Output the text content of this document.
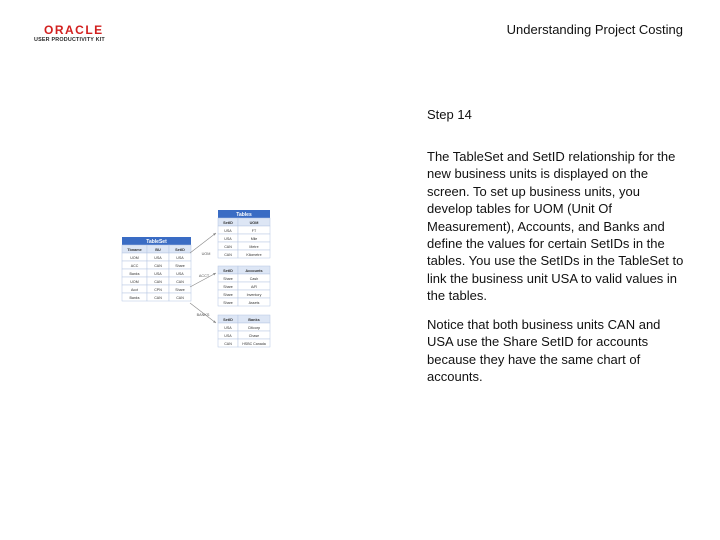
ORACLE
USER PRODUCTIVITY KIT
Understanding Project Costing
Step 14

The TableSet and SetID relationship for the new business units is displayed on the screen. To set up business units, you develop tables for UOM (Unit Of Measurement), Accounts, and Banks and define the values for certain SetIDs in the tables. You use the SetIDs in the TableSet to link the business unit USA to valid values in the tables.

Notice that both business units CAN and USA use the Share SetID for accounts because they have the same chart of accounts.

Tables
SetID	UOM
USA	FT
USA	Mile
CAN	Metre
CAN	Kilometre
SetID	Accounts
Share	Cash
Share	A/R
Share	Inventory
Share	Assets
SetID	Banks
USA	Citicorp
USA	Chase
CAN	HSBC Canada
TableSet
Tbname	BU	SetID
UOM	USA	USA
ACC	CAN	Share
Banks	USA	USA
UOM	CAN	CAN
Acct	CPN	Share
Banks	CAN	CAN
UOM
ACCT
BANKS
